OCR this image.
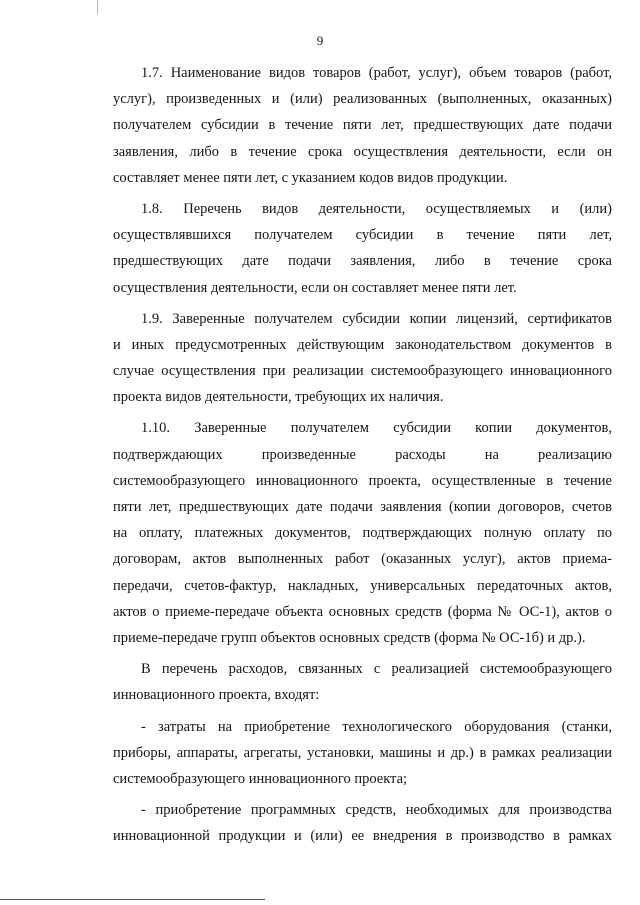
9
1.7. Наименование видов товаров (работ, услуг), объем товаров (работ,
услуг), произведенных и (или) реализованных (выполненных, оказанных)
получателем субсидии в течение пяти лет, предшествующих дате подачи
заявления, либо в течение срока осуществления деятельности, если он
составляет менее пяти лет, с указанием кодов видов продукции.
1.8. Перечень видов деятельности, осуществляемых и (или)
осуществлявшихся получателем субсидии в течение пяти лет,
предшествующих дате подачи заявления, либо в течение срока
осуществления деятельности, если он составляет менее пяти лет.
1.9. Заверенные получателем субсидии копии лицензий, сертификатов
и иных предусмотренных действующим законодательством документов в
случае осуществления при реализации системообразующего инновационного
проекта видов деятельности, требующих их наличия.
1.10. Заверенные получателем субсидии копии документов,
подтверждающих произведенные расходы на реализацию
системообразующего инновационного проекта, осуществленные в течение
пяти лет, предшествующих дате подачи заявления (копии договоров, счетов
на оплату, платежных документов, подтверждающих полную оплату по
договорам, актов выполненных работ (оказанных услуг), актов приема-
передачи, счетов-фактур, накладных, универсальных передаточных актов,
актов о приеме-передаче объекта основных средств (форма № ОС-1), актов о
приеме-передаче групп объектов основных средств (форма № ОС-1б) и др.).
В перечень расходов, связанных с реализацией системообразующего
инновационного проекта, входят:
- затраты на приобретение технологического оборудования (станки,
приборы, аппараты, агрегаты, установки, машины и др.) в рамках реализации
системообразующего инновационного проекта;
- приобретение программных средств, необходимых для производства
инновационной продукции и (или) ее внедрения в производство в рамках
